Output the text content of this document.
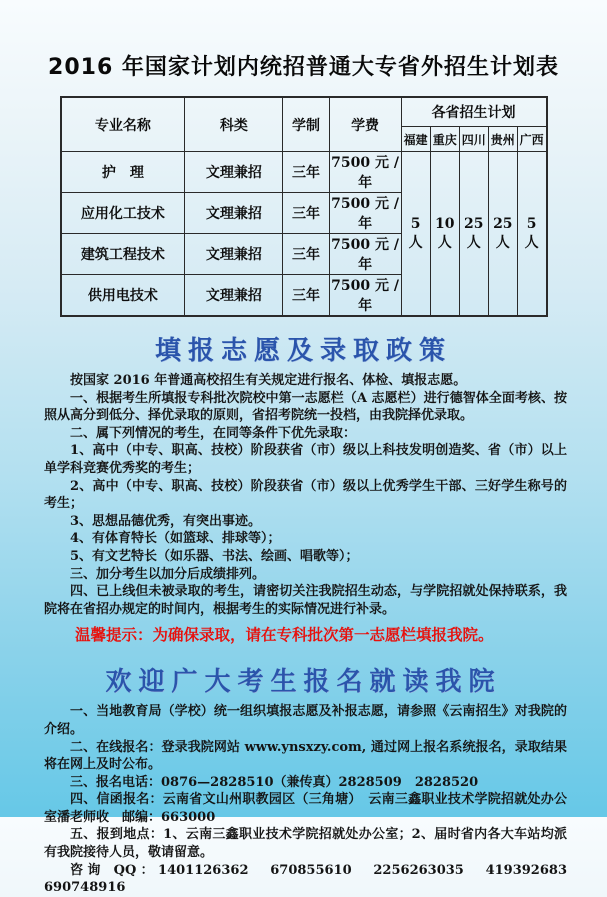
2016 年国家计划内统招普通大专省外招生计划表
专业名称	科类	学制	学费	各省招生计划				
				福建	重庆	四川	贵州	广西
护　理	文理兼招	三年	7500 元 / 年	5 人	10 人	25 人	25 人	5 人
应用化工技术	文理兼招	三年	7500 元 / 年					
建筑工程技术	文理兼招	三年	7500 元 / 年					
供用电技术	文理兼招	三年	7500 元 / 年					
填报志愿及录取政策

按国家 2016 年普通高校招生有关规定进行报名、体检、填报志愿。

一、根据考生所填报专科批次院校中第一志愿栏（A 志愿栏）进行德智体全面考核、按照从高分到低分、择优录取的原则，省招考院统一投档，由我院择优录取。

二、属下列情况的考生，在同等条件下优先录取：

1、高中（中专、职高、技校）阶段获省（市）级以上科技发明创造奖、省（市）以上单学科竞赛优秀奖的考生；

2、高中（中专、职高、技校）阶段获省（市）级以上优秀学生干部、三好学生称号的考生；

3、思想品德优秀，有突出事迹。

4、有体育特长（如篮球、排球等）；

5、有文艺特长（如乐器、书法、绘画、唱歌等）；

三、加分考生以加分后成绩排列。

四、已上线但未被录取的考生，请密切关注我院招生动态，与学院招就处保持联系，我院将在省招办规定的时间内，根据考生的实际情况进行补录。

温馨提示：为确保录取，请在专科批次第一志愿栏填报我院。

欢迎广大考生报名就读我院

一、当地教育局（学校）统一组织填报志愿及补报志愿，请参照《云南招生》对我院的介绍。

二、在线报名：登录我院网站 www.ynsxzy.com, 通过网上报名系统报名，录取结果将在网上及时公布。

三、报名电话：0876—2828510（兼传真）2828509　2828520

四、信函报名：云南省文山州职教园区（三角塘）　云南三鑫职业技术学院招就处办公室潘老师收　邮编：663000

五、报到地点：1、云南三鑫职业技术学院招就处办公室；2、届时省内各大车站均派有我院接待人员，敬请留意。

咨询 QQ：1401126362　670855610　2256263035　419392683　690748916
